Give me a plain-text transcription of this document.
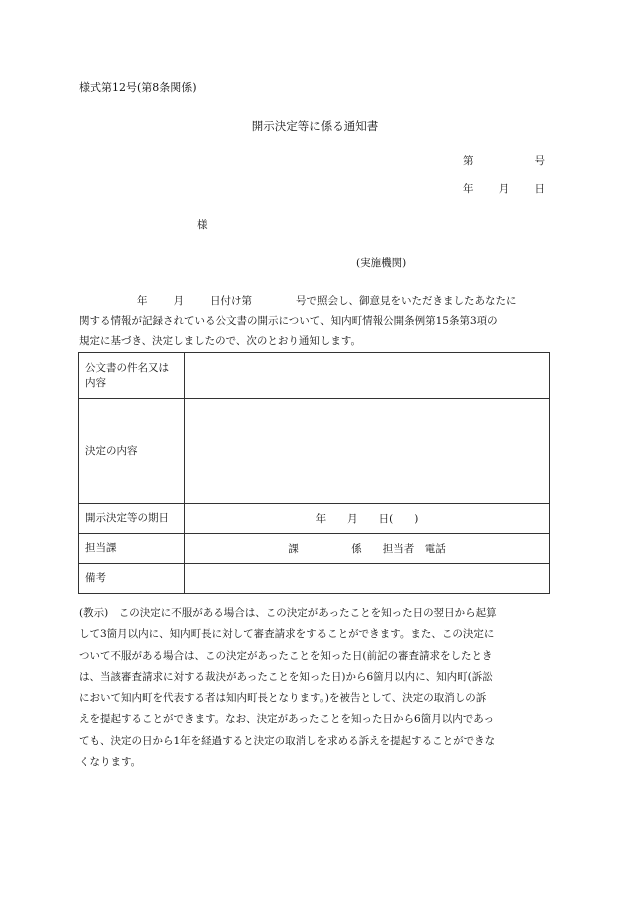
様式第12号(第8条関係)
開示決定等に係る通知書
第	号
年 月 日
様
(実施機関)
年 月 日付け第	号で照会し、御意見をいただきましたあなたに
関する情報が記録されている公文書の開示について、知内町情報公開条例第15条第3項の
規定に基づき、決定しましたので、次のとおり通知します。
公文書の件名又は内容	
決定の内容	
開示決定等の期日	年　　月　　日(　　)
担当課	課　　　　　係　　担当者　電話
備考	
(教示)　この決定に不服がある場合は、この決定があったことを知った日の翌日から起算
して3箇月以内に、知内町長に対して審査請求をすることができます。また、この決定に
ついて不服がある場合は、この決定があったことを知った日(前記の審査請求をしたとき
は、当該審査請求に対する裁決があったことを知った日)から6箇月以内に、知内町(訴訟
において知内町を代表する者は知内町長となります。)を被告として、決定の取消しの訴
えを提起することができます。なお、決定があったことを知った日から6箇月以内であっ
ても、決定の日から1年を経過すると決定の取消しを求める訴えを提起することができな
くなります。
